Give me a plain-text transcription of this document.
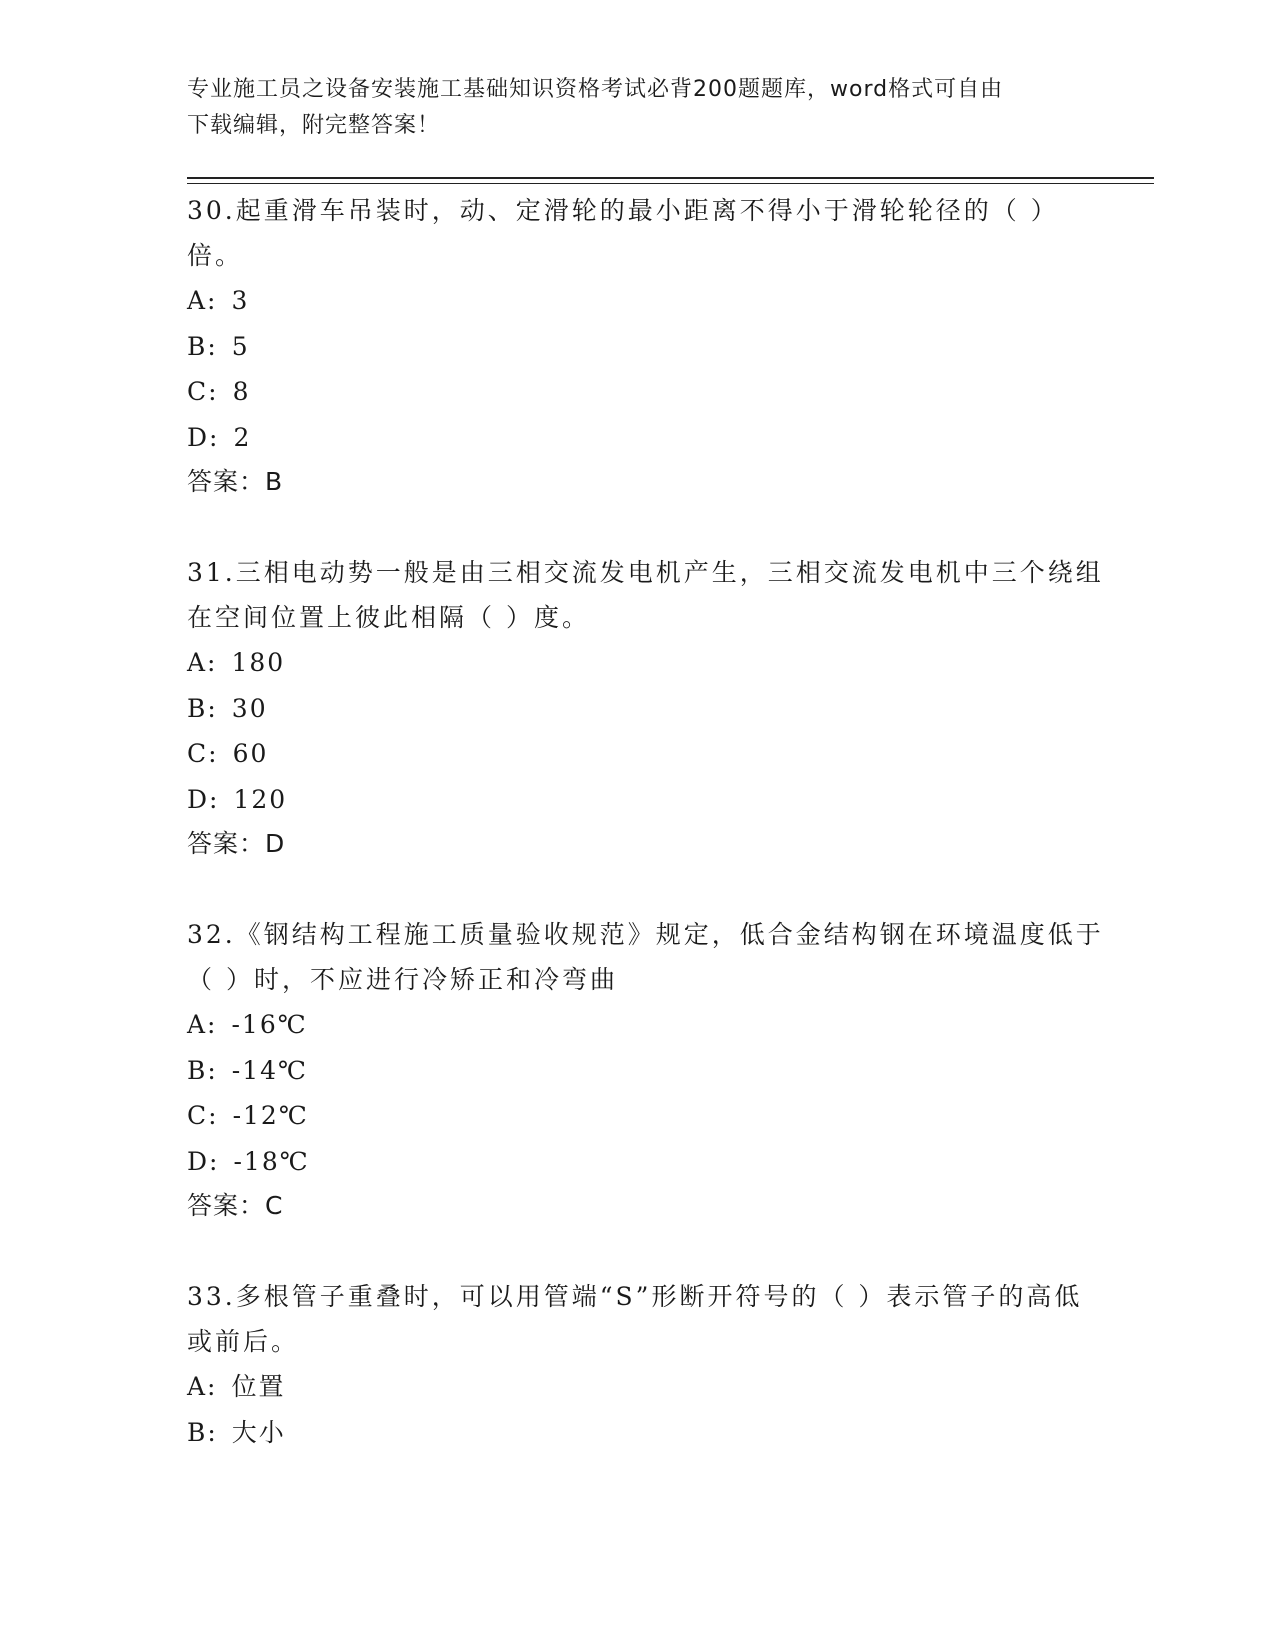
专业施工员之设备安装施工基础知识资格考试必背200题题库，word格式可自由
下载编辑，附完整答案！

30.起重滑车吊装时，动、定滑轮的最小距离不得小于滑轮轮径的（ ）倍。

A: 3

B: 5

C: 8

D: 2

答案：B

31.三相电动势一般是由三相交流发电机产生，三相交流发电机中三个绕组在空间位置上彼此相隔（ ）度。

A: 180

B: 30

C: 60

D: 120

答案：D

32.《钢结构工程施工质量验收规范》规定，低合金结构钢在环境温度低于（ ）时，不应进行冷矫正和冷弯曲

A: -16℃

B: -14℃

C: -12℃

D: -18℃

答案：C

33.多根管子重叠时，可以用管端“S”形断开符号的（ ）表示管子的高低或前后。

A: 位置

B: 大小
